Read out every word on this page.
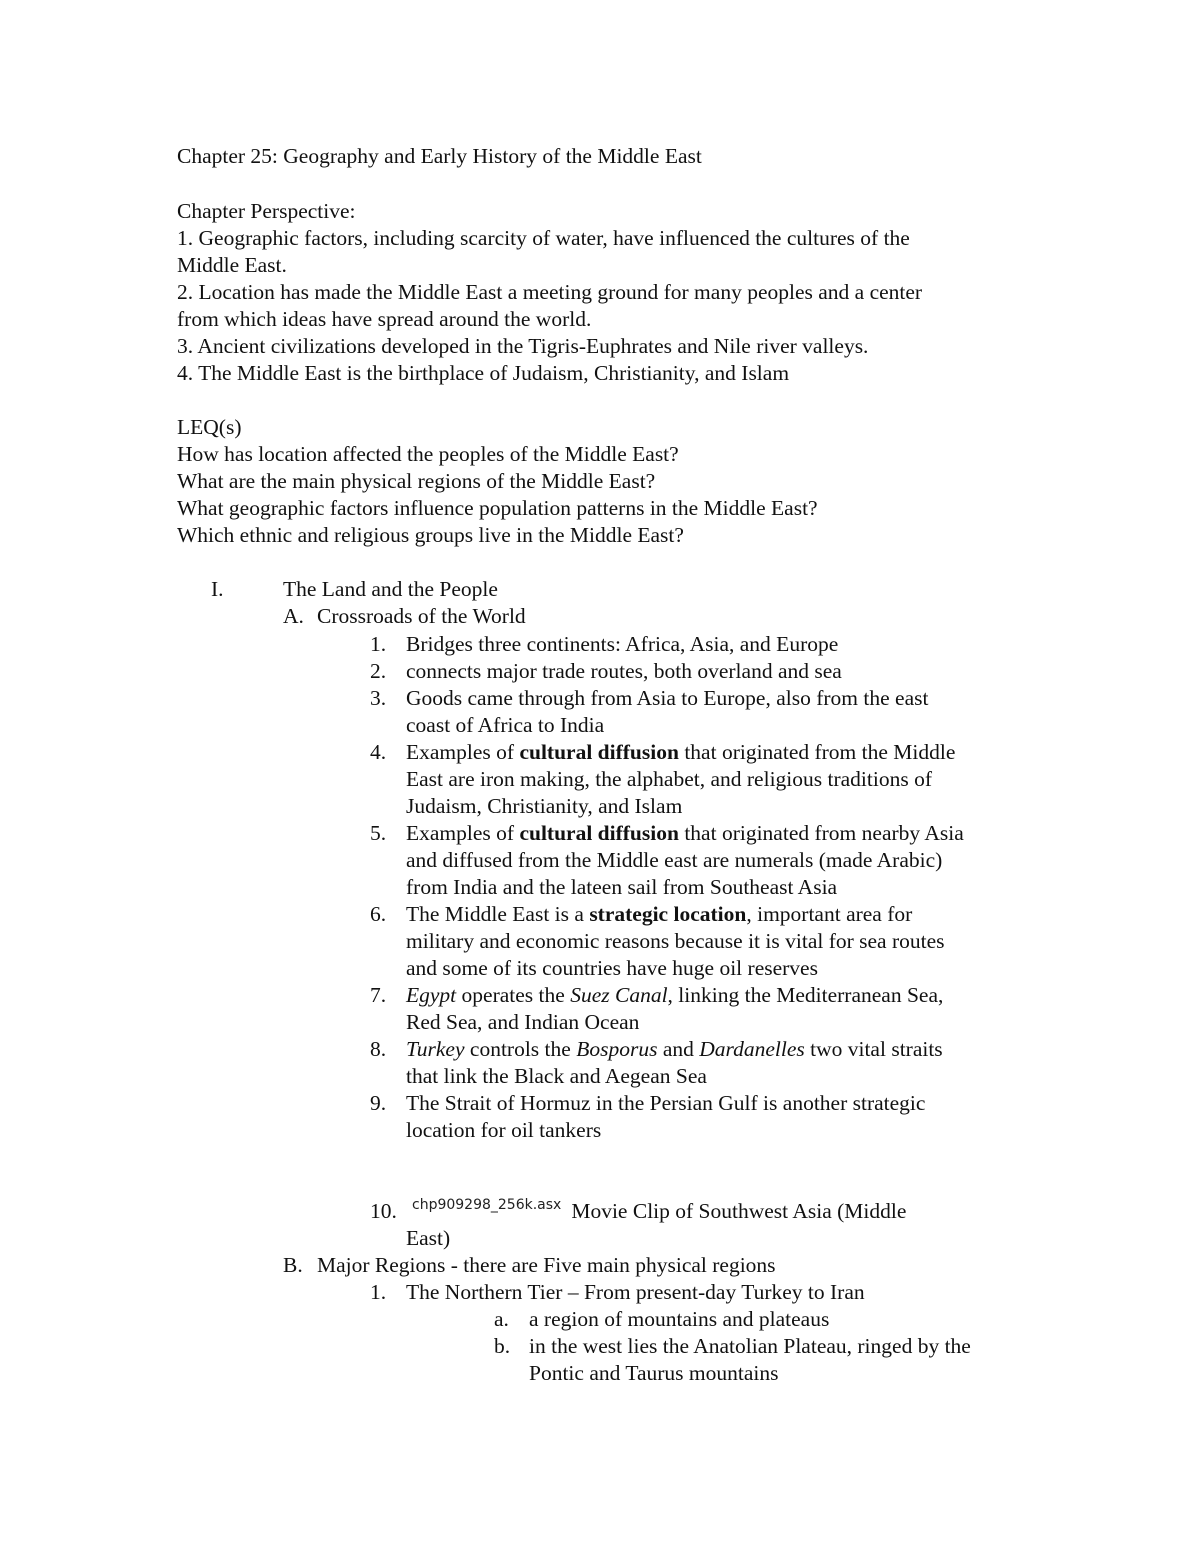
Chapter 25: Geography and Early History of the Middle East
Chapter Perspective:
1. Geographic factors, including scarcity of water, have influenced the cultures of the
Middle East.
2. Location has made the Middle East a meeting ground for many peoples and a center
from which ideas have spread around the world.
3. Ancient civilizations developed in the Tigris-Euphrates and Nile river valleys.
4. The Middle East is the birthplace of Judaism, Christianity, and Islam
LEQ(s)
How has location affected the peoples of the Middle East?
What are the main physical regions of the Middle East?
What geographic factors influence population patterns in the Middle East?
Which ethnic and religious groups live in the Middle East?
I.	The Land and the People
A. Crossroads of the World
1. Bridges three continents: Africa, Asia, and Europe
2. connects major trade routes, both overland and sea
3. Goods came through from Asia to Europe, also from the east
coast of Africa to India
4. Examples of cultural diffusion that originated from the Middle
East are iron making, the alphabet, and religious traditions of
Judaism, Christianity, and Islam
5. Examples of cultural diffusion that originated from nearby Asia
and diffused from the Middle east are numerals (made Arabic)
from India and the lateen sail from Southeast Asia
6. The Middle East is a strategic location, important area for
military and economic reasons because it is vital for sea routes
and some of its countries have huge oil reserves
7. Egypt operates the Suez Canal, linking the Mediterranean Sea,
Red Sea, and Indian Ocean
8. Turkey controls the Bosporus and Dardanelles two vital straits
that link the Black and Aegean Sea
9. The Strait of Hormuz in the Persian Gulf is another strategic
location for oil tankers
10. $^{chp909298\_256k.asx}$ Movie Clip of Southwest Asia (Middle
East)
B. Major Regions - there are Five main physical regions
1. The Northern Tier – From present-day Turkey to Iran
a. a region of mountains and plateaus
b. in the west lies the Anatolian Plateau, ringed by the
Pontic and Taurus mountains
